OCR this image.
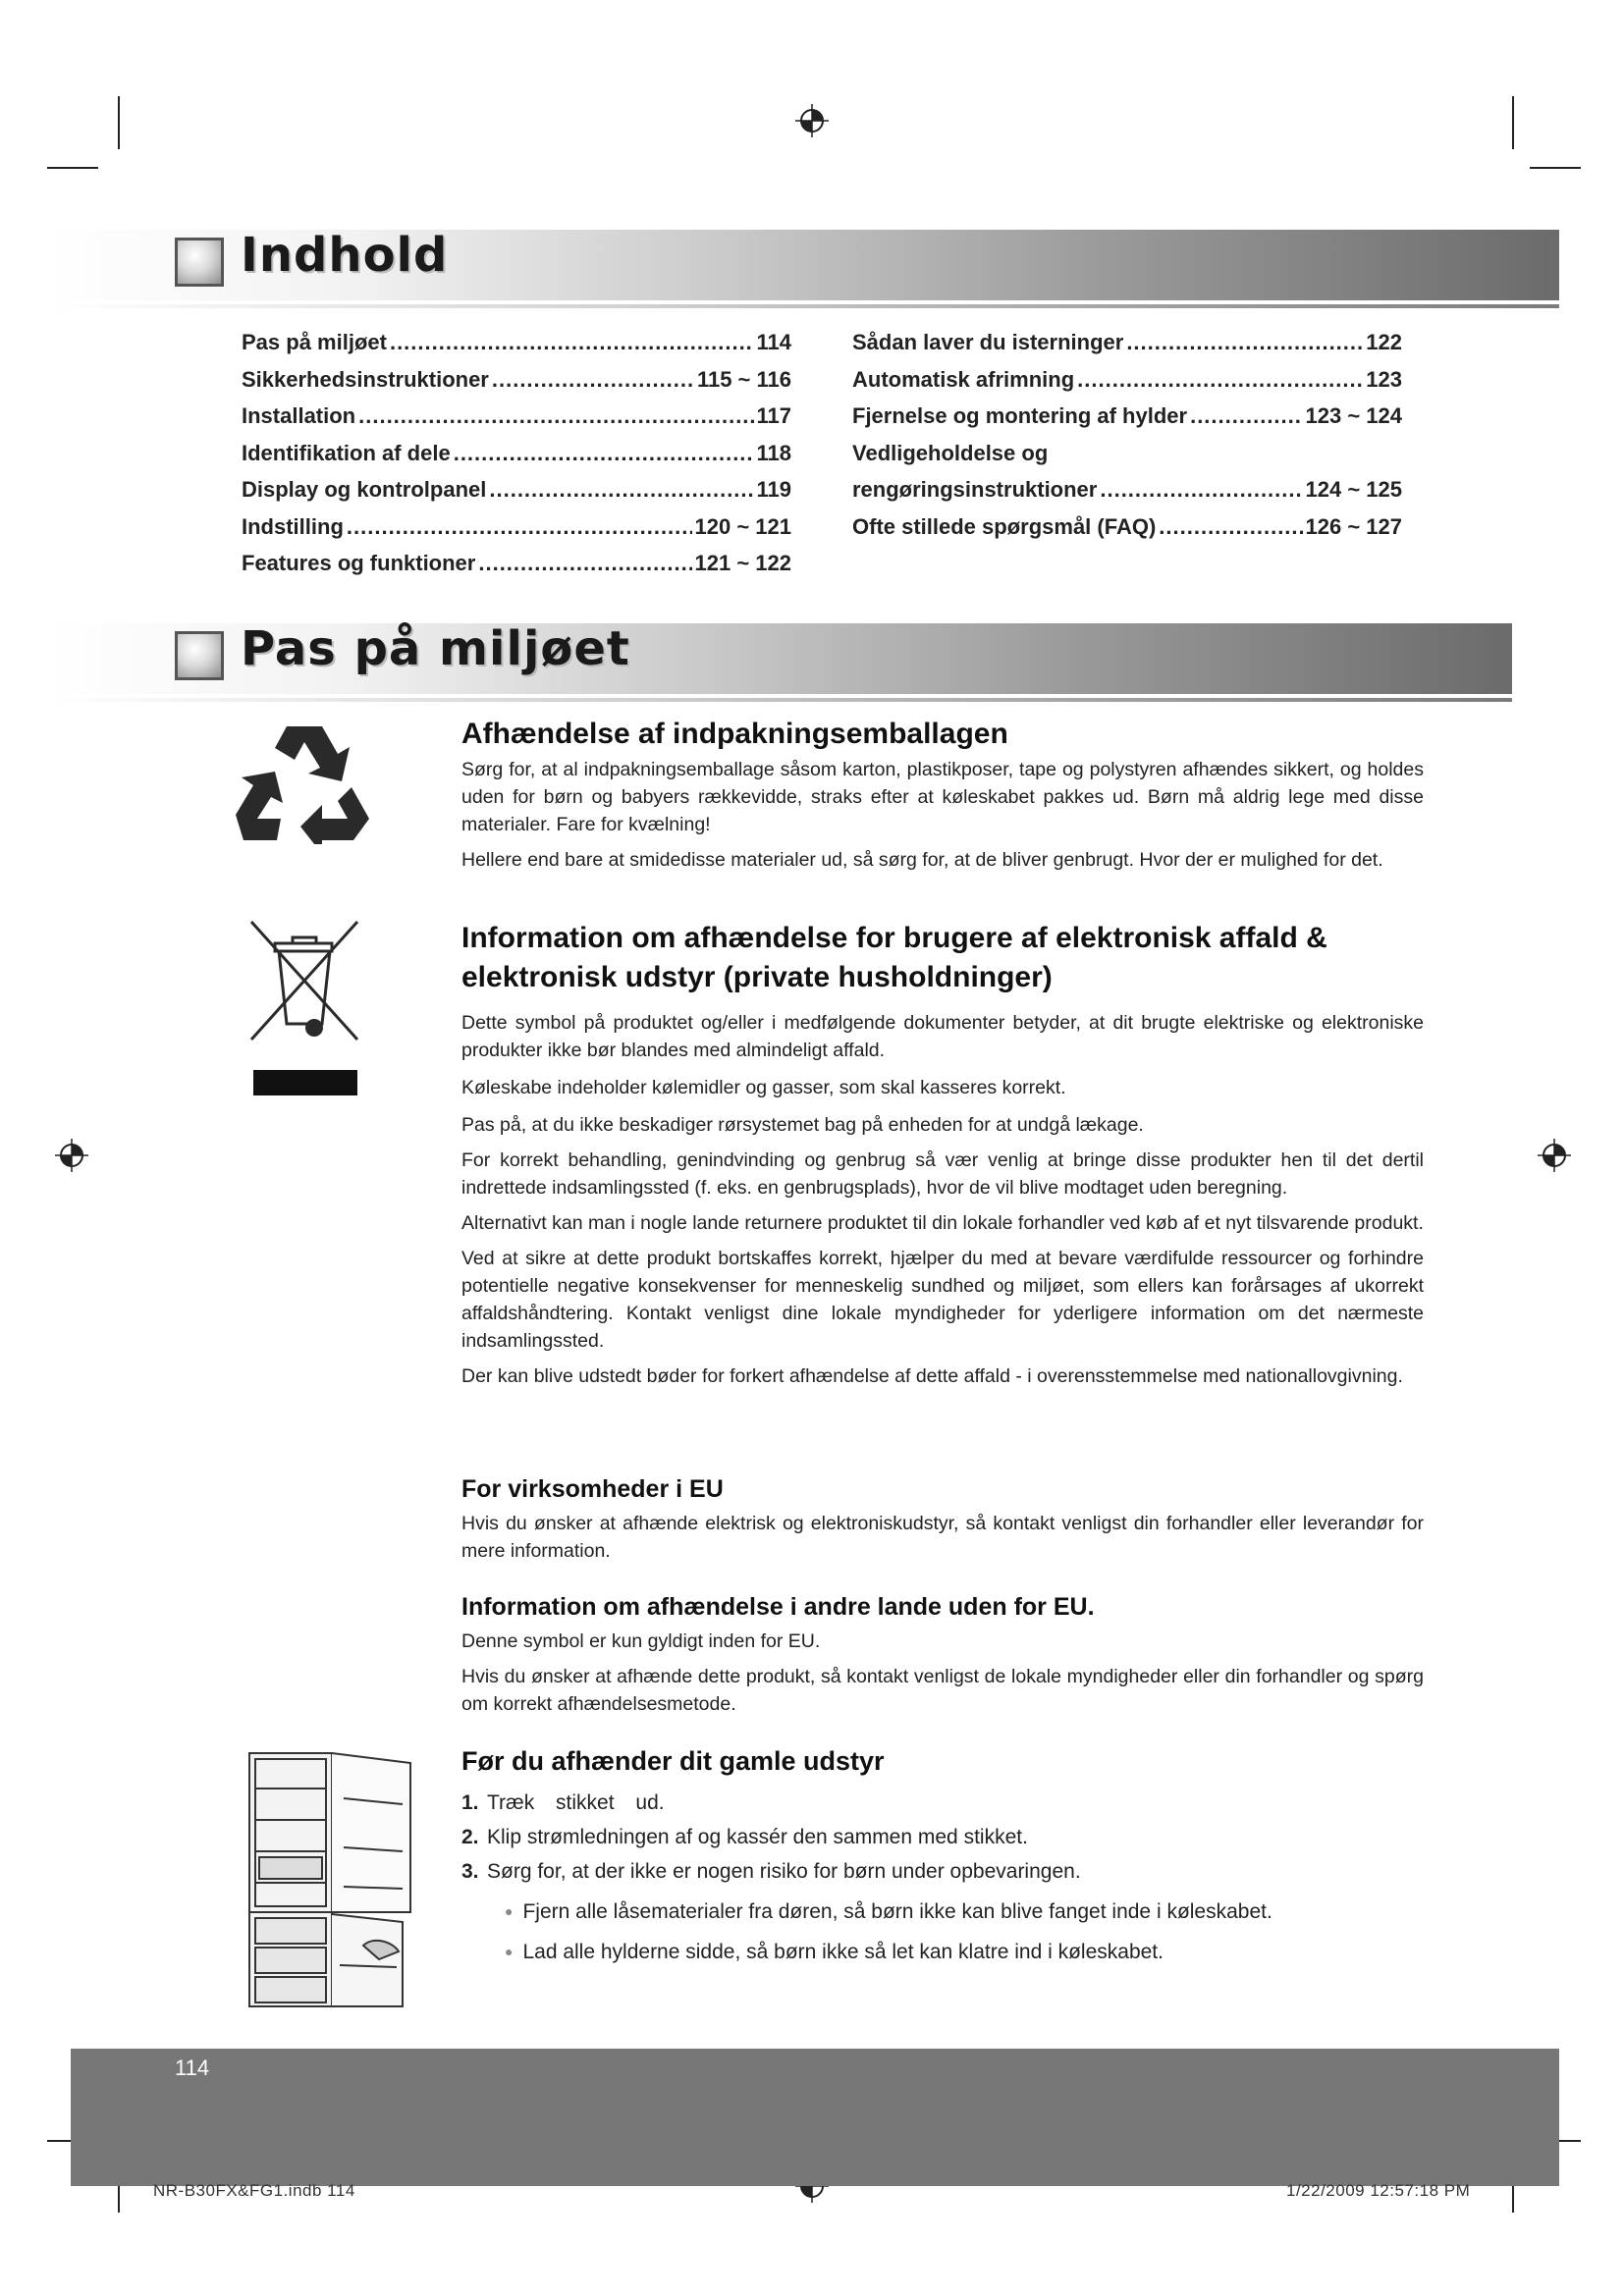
Indhold
Pas på miljøet .....	114
Sikkerhedsinstruktioner .....	115 ~ 116
Installation .....	117
Identifikation af dele .....	118
Display og kontrolpanel .....	119
Indstilling .....	120 ~ 121
Features og funktioner .....	121 ~ 122
Sådan laver du isterninger .....	122
Automatisk afrimning .....	123
Fjernelse og montering af hylder .....	123 ~ 124
Vedligeholdelse og
rengøringsinstruktioner .....	124 ~ 125
Ofte stillede spørgsmål (FAQ) .....	126 ~ 127
Pas på miljøet
Afhændelse af indpakningsemballagen

Sørg for, at al indpakningsemballage såsom karton, plastikposer, tape og polystyren afhændes sikkert, og holdes uden for børn og babyers rækkevidde, straks efter at køleskabet pakkes ud. Børn må aldrig lege med disse materialer. Fare for kvælning!

Hellere end bare at smidedisse materialer ud, så sørg for, at de bliver genbrugt. Hvor der er mulighed for det.

Information om afhændelse for brugere af elektronisk affald & elektronisk udstyr (private husholdninger)

Dette symbol på produktet og/eller i medfølgende dokumenter betyder, at dit brugte elektriske og elektroniske produkter ikke bør blandes med almindeligt affald.

Køleskabe indeholder kølemidler og gasser, som skal kasseres korrekt.

Pas på, at du ikke beskadiger rørsystemet bag på enheden for at undgå lækage.

For korrekt behandling, genindvinding og genbrug så vær venlig at bringe disse produkter hen til det dertil indrettede indsamlingssted (f. eks. en genbrugsplads), hvor de vil blive modtaget uden beregning.

Alternativt kan man i nogle lande returnere produktet til din lokale forhandler ved køb af et nyt tilsvarende produkt.

Ved at sikre at dette produkt bortskaffes korrekt, hjælper du med at bevare værdifulde ressourcer og forhindre potentielle negative konsekvenser for menneskelig sundhed og miljøet, som ellers kan forårsages af ukorrekt affaldshåndtering. Kontakt venligst dine lokale myndigheder for yderligere information om det nærmeste indsamlingssted.

Der kan blive udstedt bøder for forkert afhændelse af dette affald - i overensstemmelse med nationallovgivning.

For virksomheder i EU

Hvis du ønsker at afhænde elektrisk og elektroniskudstyr, så kontakt venligst din forhandler eller leverandør for mere information.

Information om afhændelse i andre lande uden for EU.

Denne symbol er kun gyldigt inden for EU.

Hvis du ønsker at afhænde dette produkt, så kontakt venligst de lokale myndigheder eller din forhandler og spørg om korrekt afhændelsesmetode.

Før du afhænder dit gamle udstyr
1. Træk stikket ud.
2. Klip strømledningen af og kassér den sammen med stikket.
3. Sørg for, at der ikke er nogen risiko for børn under opbevaringen.
● Fjern alle låsematerialer fra døren, så børn ikke kan blive fanget inde i køleskabet.
● Lad alle hylderne sidde, så børn ikke så let kan klatre ind i køleskabet.
114
NR-B30FX&FG1.indb 114	1/22/2009 12:57:18 PM
